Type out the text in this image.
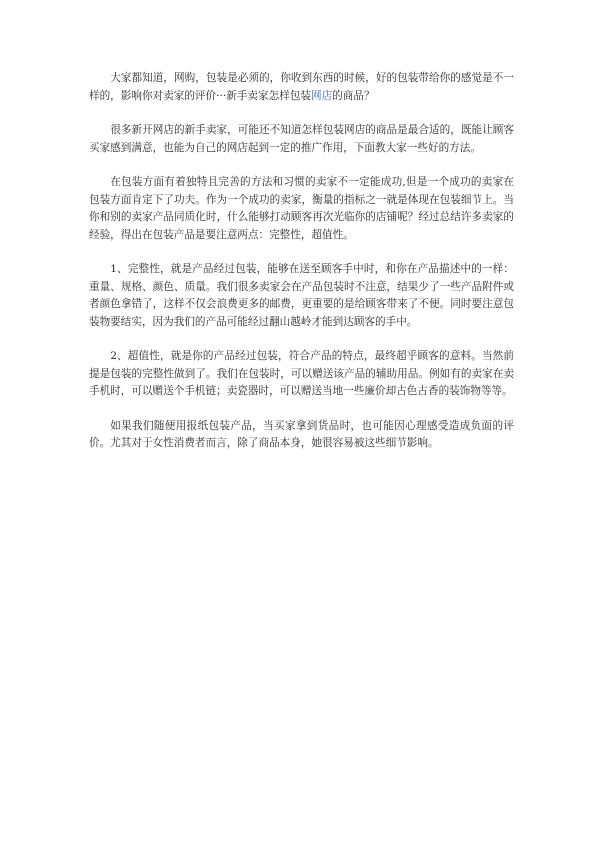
大家都知道，网购，包装是必须的，你收到东西的时候，好的包装带给你的感觉是不一样的，影响你对卖家的评价···新手卖家怎样包装网店的商品？

很多新开网店的新手卖家，可能还不知道怎样包装网店的商品是最合适的，既能让顾客买家感到满意，也能为自己的网店起到一定的推广作用，下面教大家一些好的方法。

在包装方面有着独特且完善的方法和习惯的卖家不一定能成功,但是一个成功的卖家在包装方面肯定下了功夫。作为一个成功的卖家，衡量的指标之一就是体现在包装细节上。当你和别的卖家产品同质化时，什么能够打动顾客再次光临你的店铺呢？经过总结许多卖家的经验，得出在包装产品是要注意两点：完整性，超值性。

1、完整性，就是产品经过包装，能够在送至顾客手中时，和你在产品描述中的一样：重量、规格、颜色、质量。我们很多卖家会在产品包装时不注意，结果少了一些产品附件或者颜色拿错了，这样不仅会浪费更多的邮费，更重要的是给顾客带来了不便。同时要注意包装物要结实，因为我们的产品可能经过翻山越岭才能到达顾客的手中。

2、超值性，就是你的产品经过包装，符合产品的特点，最终超乎顾客的意料。当然前提是包装的完整性做到了。我们在包装时，可以赠送该产品的辅助用品。例如有的卖家在卖手机时，可以赠送个手机链；卖瓷器时，可以赠送当地一些廉价却古色古香的装饰物等等。

如果我们随便用报纸包装产品，当买家拿到货品时，也可能因心理感受造成负面的评价。尤其对于女性消费者而言，除了商品本身，她很容易被这些细节影响。
